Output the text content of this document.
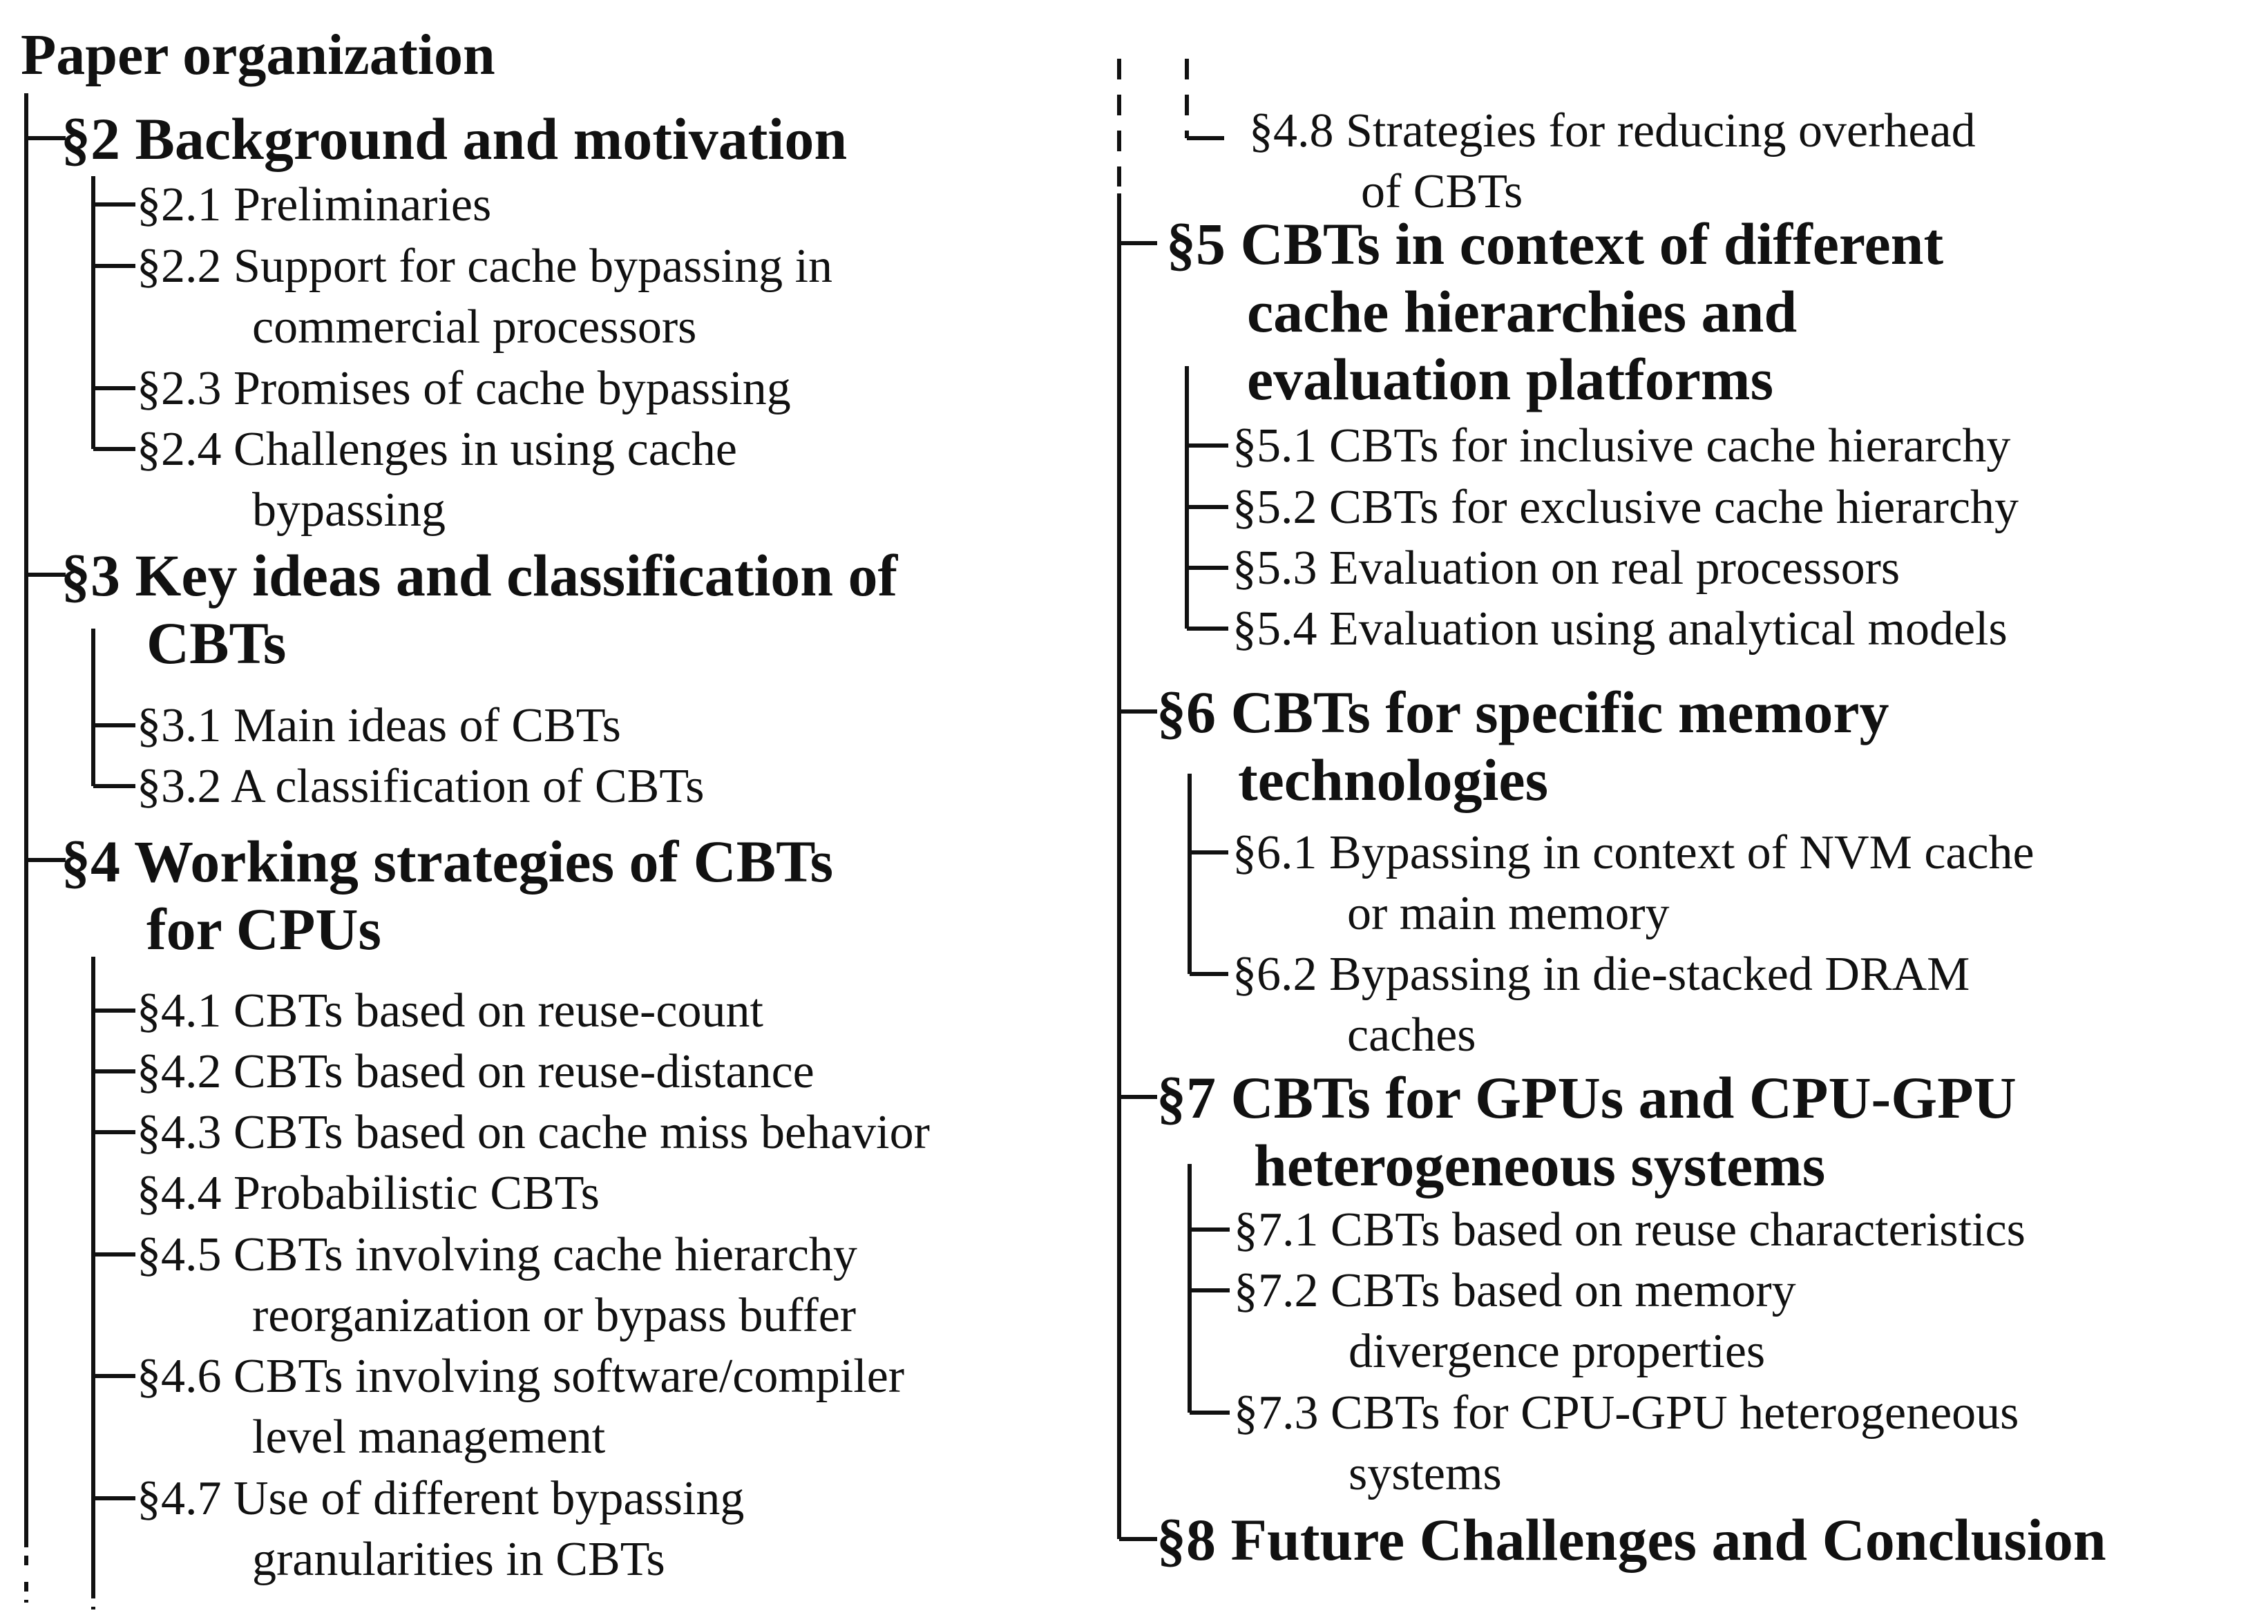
Paper organization
§2 Background and motivation
§2.1 Preliminaries
§2.2 Support for cache bypassing in
commercial processors
§2.3 Promises of cache bypassing
§2.4 Challenges in using cache
bypassing
§3 Key ideas and classification of
CBTs
§3.1 Main ideas of CBTs
§3.2 A classification of CBTs
§4 Working strategies of CBTs
for CPUs
§4.1 CBTs based on reuse-count
§4.2 CBTs based on reuse-distance
§4.3 CBTs based on cache miss behavior
§4.4 Probabilistic CBTs
§4.5 CBTs involving cache hierarchy
reorganization or bypass buffer
§4.6 CBTs involving software/compiler
level management
§4.7 Use of different bypassing
granularities in CBTs
§4.8 Strategies for reducing overhead
of CBTs
§5 CBTs in context of different
cache hierarchies and
evaluation platforms
§5.1 CBTs for inclusive cache hierarchy
§5.2 CBTs for exclusive cache hierarchy
§5.3 Evaluation on real processors
§5.4 Evaluation using analytical models
§6 CBTs for specific memory
technologies
§6.1 Bypassing in context of NVM cache
or main memory
§6.2 Bypassing in die-stacked DRAM
caches
§7 CBTs for GPUs and CPU-GPU
heterogeneous systems
§7.1 CBTs based on reuse characteristics
§7.2 CBTs based on memory
divergence properties
§7.3 CBTs for CPU-GPU heterogeneous
systems
§8 Future Challenges and Conclusion
